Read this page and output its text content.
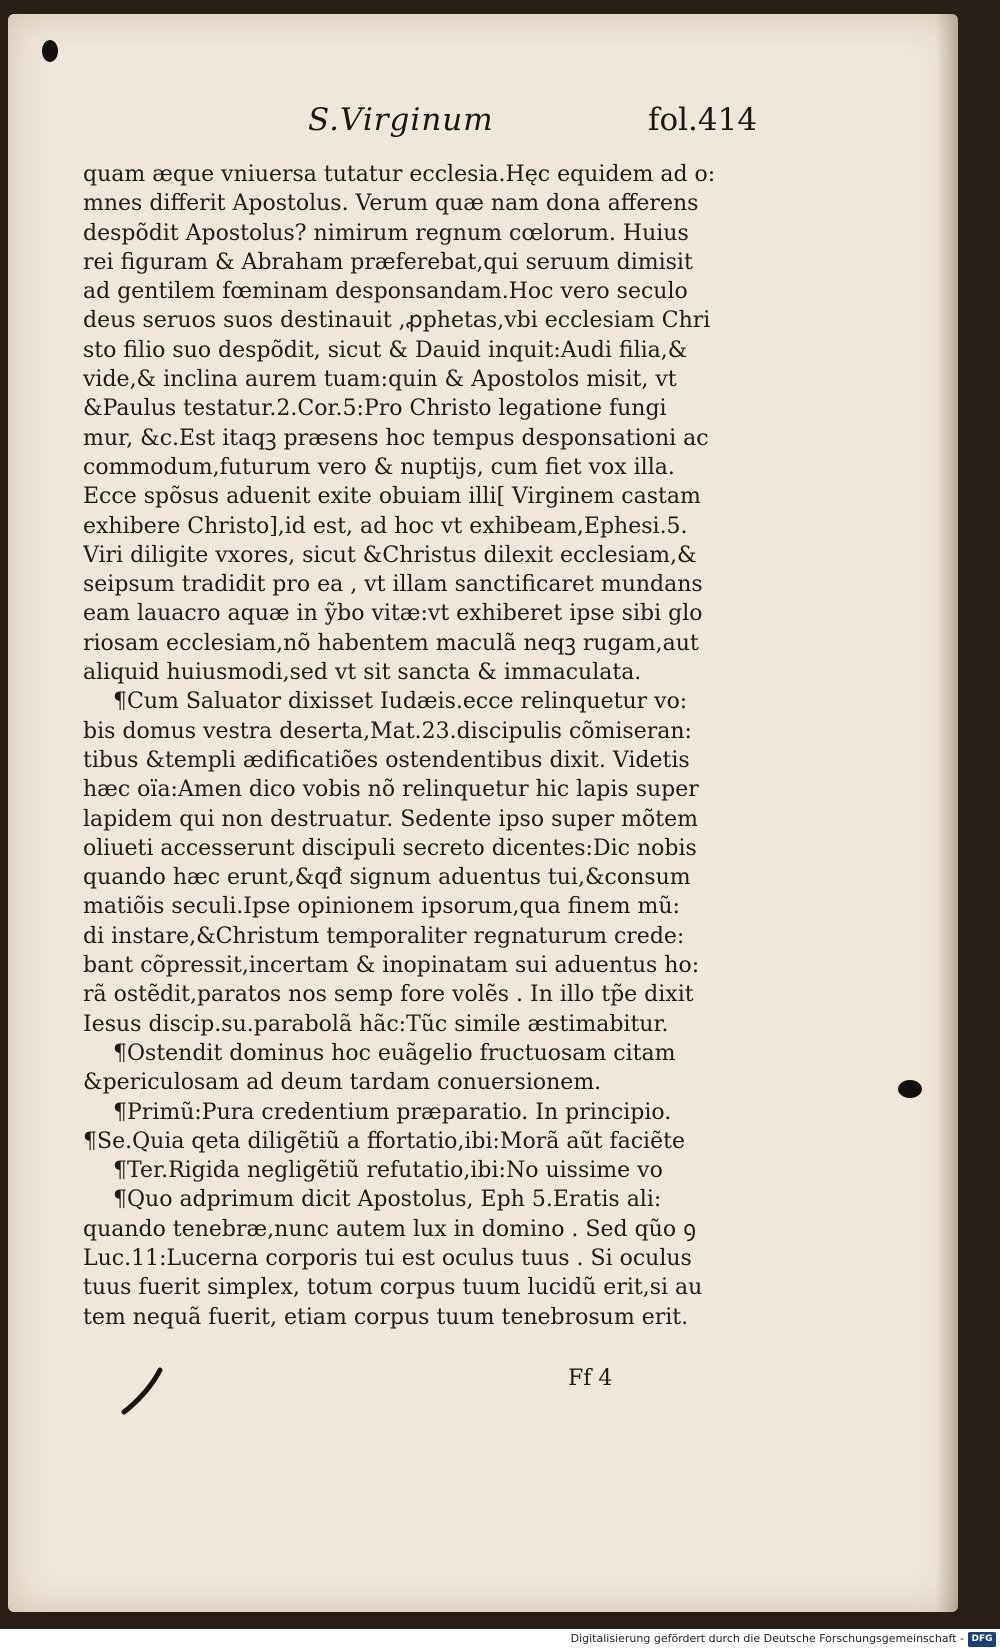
S.Virginum	fol.414
quam æque vniuersa tutatur ecclesia.Hęc equidem ad o:
mnes differit Apostolus. Verum quæ nam dona afferens
despõdit Apostolus? nimirum regnum cœlorum. Huius
rei figuram & Abraham præferebat,qui seruum dimisit
ad gentilem fœminam desponsandam.Hoc vero seculo
deus seruos suos destinauit ,ꝓphetas,vbi ecclesiam Chri
sto filio suo despõdit, sicut & Dauid inquit:Audi filia,&
vide,& inclina aurem tuam:quin & Apostolos misit, vt
&Paulus testatur.2.Cor.5:Pro Christo legatione fungi
mur, &c.Est itaqꝫ præsens hoc tempus desponsationi ac
commodum,futurum vero & nuptijs, cum fiet vox illa.
Ecce spõsus aduenit exite obuiam illi[ Virginem castam
exhibere Christo],id est, ad hoc vt exhibeam,Ephesi.5.
Viri diligite vxores, sicut &Christus dilexit ecclesiam,&
seipsum tradidit pro ea , vt illam sanctificaret mundans
eam lauacro aquæ in ỹbo vitæ:vt exhiberet ipse sibi glo
riosam ecclesiam,nõ habentem maculã neqꝫ rugam,aut
aliquid huiusmodi,sed vt sit sancta & immaculata.
¶Cum Saluator dixisset Iudæis.ecce relinquetur vo:
bis domus vestra deserta,Mat.23.discipulis cõmiseran:
tibus &templi ædificatiões ostendentibus dixit. Videtis
hæc oïa:Amen dico vobis nõ relinquetur hic lapis super
lapidem qui non destruatur. Sedente ipso super mõtem
oliueti accesserunt discipuli secreto dicentes:Dic nobis
quando hæc erunt,&qđ signum aduentus tui,&consum
matiõis seculi.Ipse opinionem ipsorum,qua finem mũ:
di instare,&Christum temporaliter regnaturum crede:
bant cõpressit,incertam & inopinatam sui aduentus ho:
rã ostẽdit,paratos nos semp fore volẽs . In illo tp̃e dixit
Iesus discip.su.parabolã hãc:Tũc simile æstimabitur.
¶Ostendit dominus hoc euãgelio fructuosam citam
&periculosam ad deum tardam conuersionem.
¶Primũ:Pura credentium præparatio. In principio.
¶Se.Quia qeta diligẽtiũ a ffortatio,ibi:Morã aũt faciẽte
¶Ter.Rigida negligẽtiũ refutatio,ibi:No uissime vo
¶Quo adprimum dicit Apostolus, Eph 5.Eratis ali:
quando tenebræ,nunc autem lux in domino . Sed qũo ꝯ
Luc.11:Lucerna corporis tui est oculus tuus . Si oculus
tuus fuerit simplex, totum corpus tuum lucidũ erit,si au
tem nequã fuerit, etiam corpus tuum tenebrosum erit.
Ff 4
Digitalisierung gefördert durch die Deutsche Forschungsgemeinschaft - DFG
